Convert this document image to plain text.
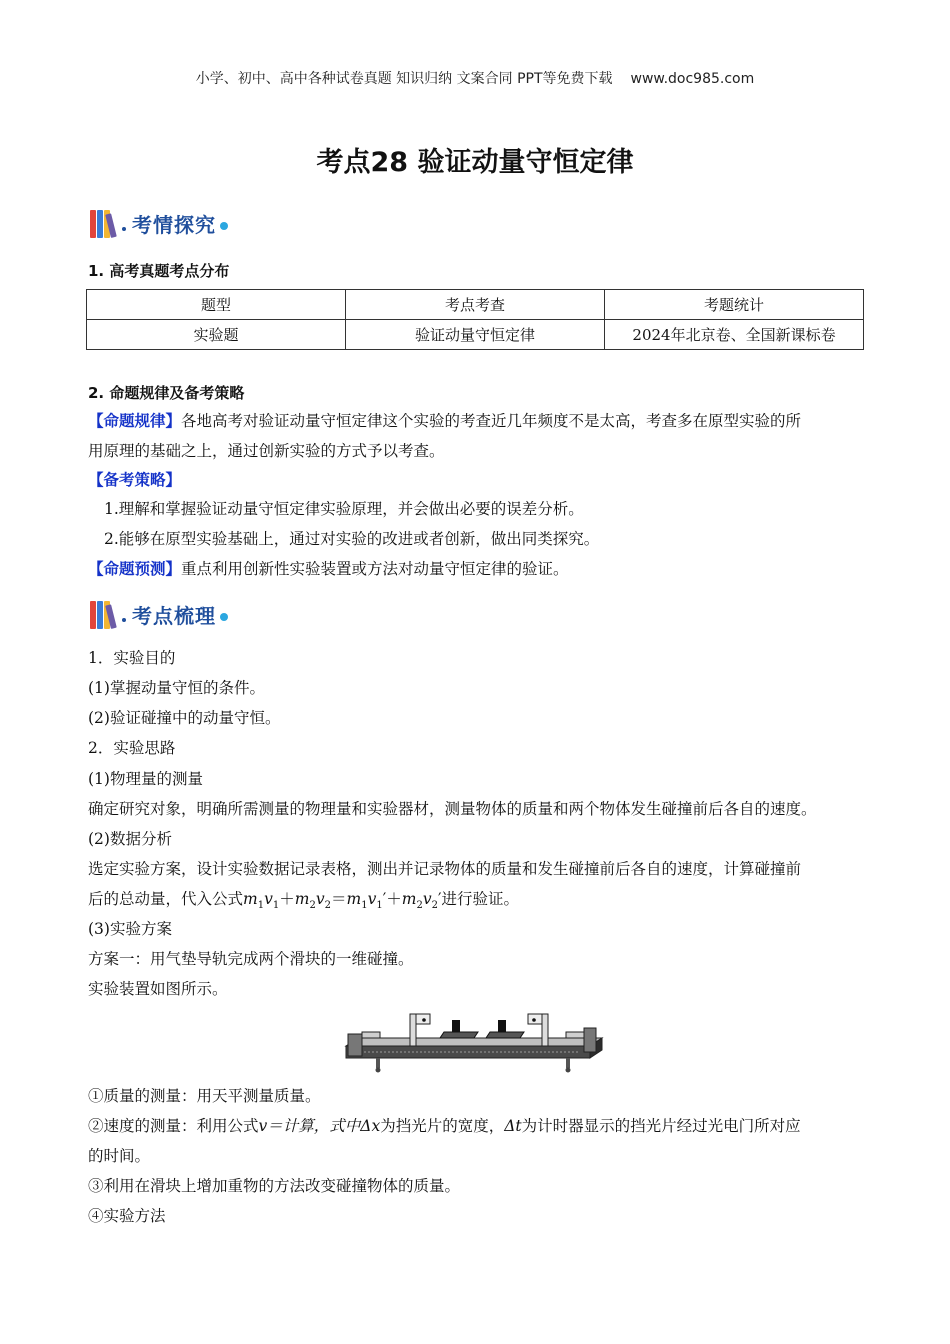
小学、初中、高中各种试卷真题 知识归纳 文案合同 PPT等免费下载 www.doc985.com
考点28 验证动量守恒定律
考情探究
1. 高考真题考点分布
题型	考点考查	考题统计
实验题	验证动量守恒定律	2024年北京卷、全国新课标卷
2. 命题规律及备考策略
【命题规律】各地高考对验证动量守恒定律这个实验的考查近几年频度不是太高，考查多在原型实验的所
用原理的基础之上，通过创新实验的方式予以考查。
【备考策略】
1.理解和掌握验证动量守恒定律实验原理，并会做出必要的误差分析。
2.能够在原型实验基础上，通过对实验的改进或者创新，做出同类探究。
【命题预测】重点利用创新性实验装置或方法对动量守恒定律的验证。
考点梳理
1．实验目的
(1)掌握动量守恒的条件。
(2)验证碰撞中的动量守恒。
2．实验思路
(1)物理量的测量
确定研究对象，明确所需测量的物理量和实验器材，测量物体的质量和两个物体发生碰撞前后各自的速度。
(2)数据分析
选定实验方案，设计实验数据记录表格，测出并记录物体的质量和发生碰撞前后各自的速度，计算碰撞前
后的总动量，代入公式$m_1v_1+m_2v_2=m_1v_1'+m_2v_2'$进行验证。
(3)实验方案
方案一：用气垫导轨完成两个滑块的一维碰撞。
实验装置如图所示。
①质量的测量：用天平测量质量。
②速度的测量：利用公式v＝计算，式中Δx为挡光片的宽度，Δt为计时器显示的挡光片经过光电门所对应
的时间。
③利用在滑块上增加重物的方法改变碰撞物体的质量。
④实验方法
